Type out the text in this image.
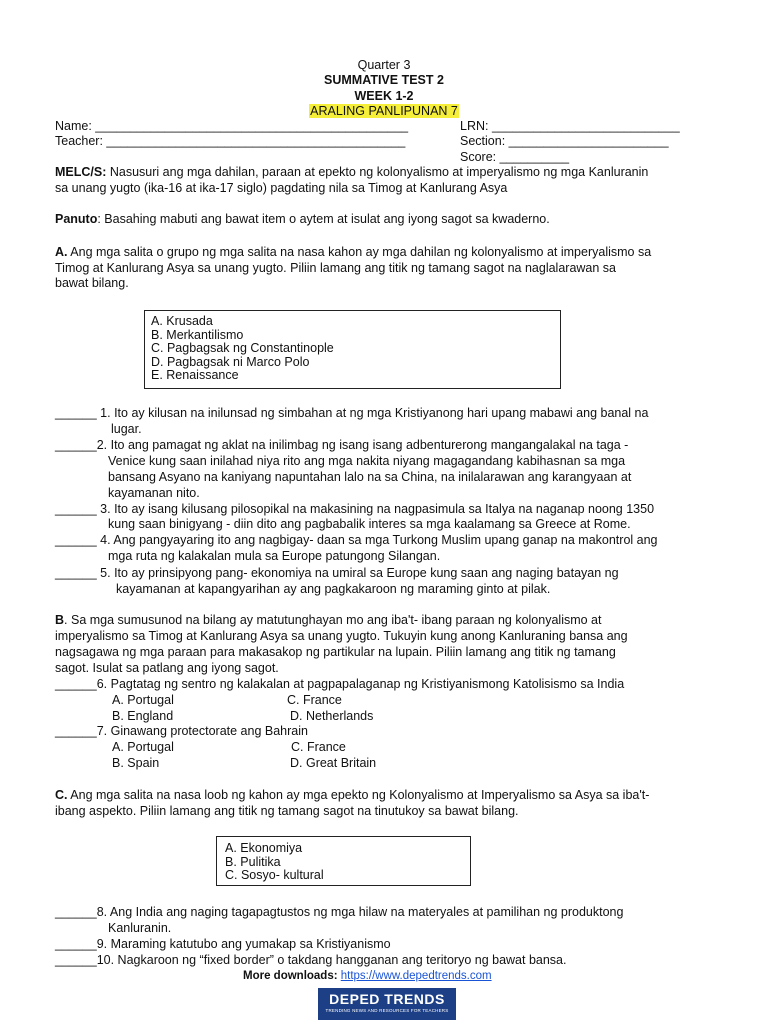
Quarter 3
SUMMATIVE TEST 2
WEEK 1-2
ARALING PANLIPUNAN 7
Name: _____________________________________________
Teacher: ___________________________________________
LRN: ___________________________
Section: _______________________
Score: __________
MELC/S: Nasusuri ang mga dahilan, paraan at epekto ng kolonyalismo at imperyalismo ng mga Kanluranin
sa unang yugto (ika-16 at ika-17 siglo) pagdating nila sa Timog at Kanlurang Asya
Panuto: Basahing mabuti ang bawat item o aytem at isulat ang iyong sagot sa kwaderno.
A. Ang mga salita o grupo ng mga salita na nasa kahon ay mga dahilan ng kolonyalismo at imperyalismo sa
Timog at Kanlurang Asya sa unang yugto. Piliin lamang ang titik ng tamang sagot na naglalarawan sa
bawat bilang.
A. Krusada
B. Merkantilismo
C. Pagbagsak ng Constantinople
D. Pagbagsak ni Marco Polo
E. Renaissance
______ 1. Ito ay kilusan na inilunsad ng simbahan at ng mga Kristiyanong hari upang mabawi ang banal na
lugar.
______2. Ito ang pamagat ng aklat na inilimbag ng isang isang adbenturerong mangangalakal na taga -
Venice kung saan inilahad niya rito ang mga nakita niyang magagandang kabihasnan sa mga
bansang Asyano na kaniyang napuntahan lalo na sa China, na inilalarawan ang karangyaan at
kayamanan nito.
______ 3. Ito ay isang kilusang pilosopikal na makasining na nagpasimula sa Italya na naganap noong 1350
kung saan binigyang - diin dito ang pagbabalik interes sa mga kaalamang sa Greece at Rome.
______ 4. Ang pangyayaring ito ang nagbigay- daan sa mga Turkong Muslim upang ganap na makontrol ang
mga ruta ng kalakalan mula sa Europe patungong Silangan.
______ 5. Ito ay prinsipyong pang- ekonomiya na umiral sa Europe kung saan ang naging batayan ng
kayamanan at kapangyarihan ay ang pagkakaroon ng maraming ginto at pilak.
B. Sa mga sumusunod na bilang ay matutunghayan mo ang iba't- ibang paraan ng kolonyalismo at
imperyalismo sa Timog at Kanlurang Asya sa unang yugto. Tukuyin kung anong Kanluraning bansa ang
nagsagawa ng mga paraan para makasakop ng partikular na lupain. Piliin lamang ang titik ng tamang
sagot. Isulat sa patlang ang iyong sagot.
______6. Pagtatag ng sentro ng kalakalan at pagpapalaganap ng Kristiyanismong Katolisismo sa India
A. Portugal	C. France
B. England	D. Netherlands
______7. Ginawang protectorate ang Bahrain
A. Portugal	C. France
B. Spain	D. Great Britain
C. Ang mga salita na nasa loob ng kahon ay mga epekto ng Kolonyalismo at Imperyalismo sa Asya sa iba't-
ibang aspekto. Piliin lamang ang titik ng tamang sagot na tinutukoy sa bawat bilang.
A. Ekonomiya
B. Pulitika
C. Sosyo- kultural
______8. Ang India ang naging tagapagtustos ng mga hilaw na materyales at pamilihan ng produktong
Kanluranin.
______9. Maraming katutubo ang yumakap sa Kristiyanismo
______10. Nagkaroon ng “fixed border” o takdang hangganan ang teritoryo ng bawat bansa.
More downloads: https://www.depedtrends.com
DEPED TRENDS
TRENDING NEWS AND RESOURCES FOR TEACHERS
